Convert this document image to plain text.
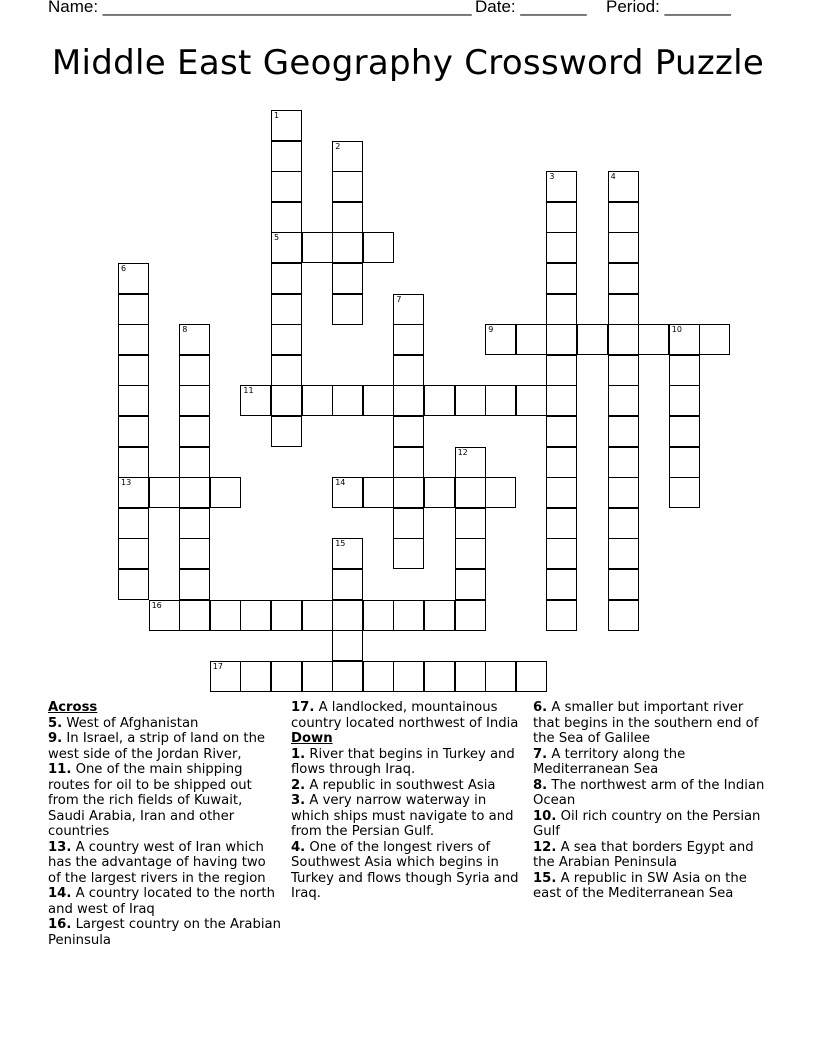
Name: _______________________________________ Date: _______ Period: _______
Middle East Geography Crossword Puzzle
5
9	10
11
13	14
16
17
1
2
3	4
6
7
8
12
15
Across
5. West of Afghanistan
9. In Israel, a strip of land on the west side of the Jordan River,
11. One of the main shipping routes for oil to be shipped out from the rich fields of Kuwait, Saudi Arabia, Iran and other countries
13. A country west of Iran which has the advantage of having two of the largest rivers in the region
14. A country located to the north and west of Iraq
16. Largest country on the Arabian Peninsula
17. A landlocked, mountainous country located northwest of India
Down
1. River that begins in Turkey and flows through Iraq.
2. A republic in southwest Asia
3. A very narrow waterway in which ships must navigate to and from the Persian Gulf.
4. One of the longest rivers of Southwest Asia which begins in Turkey and flows though Syria and Iraq.
6. A smaller but important river that begins in the southern end of the Sea of Galilee
7. A territory along the Mediterranean Sea
8. The northwest arm of the Indian Ocean
10. Oil rich country on the Persian Gulf
12. A sea that borders Egypt and the Arabian Peninsula
15. A republic in SW Asia on the east of the Mediterranean Sea
